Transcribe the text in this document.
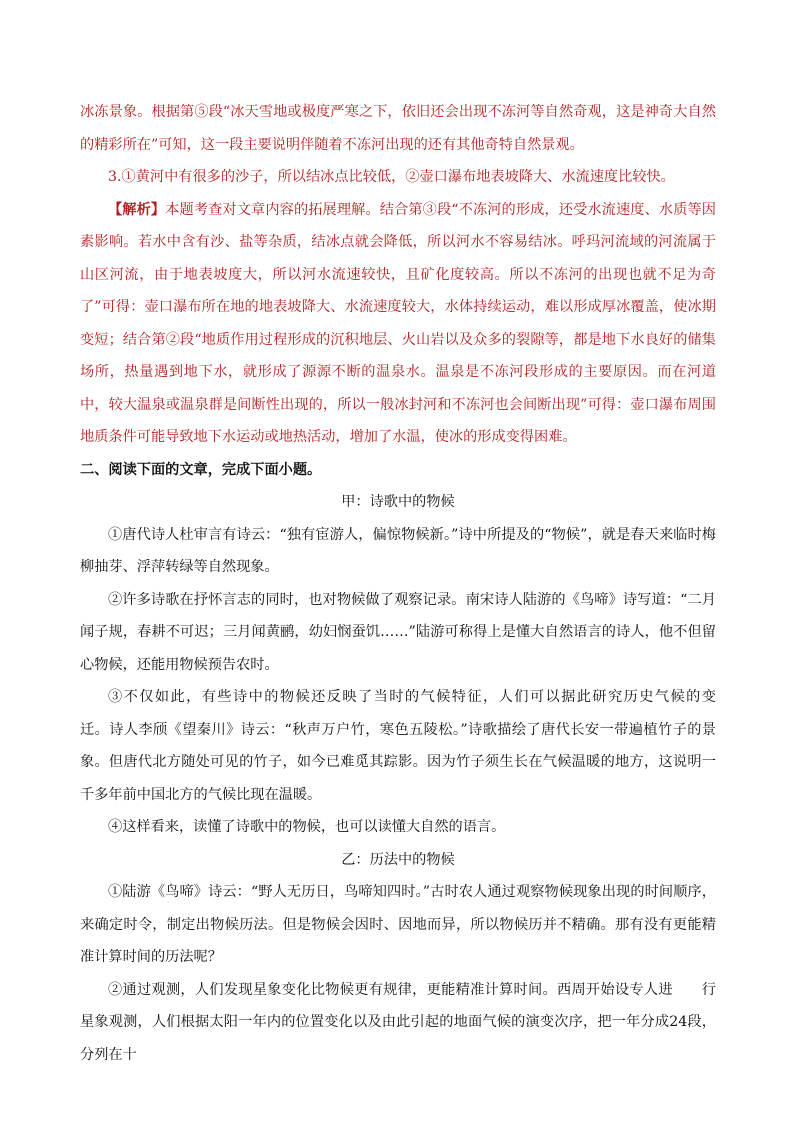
冰冻景象。根据第⑤段“冰天雪地或极度严寒之下，依旧还会出现不冻河等自然奇观，这是神奇大自然的精彩所在”可知，这一段主要说明伴随着不冻河出现的还有其他奇特自然景观。

3.①黄河中有很多的沙子，所以结冰点比较低，②壶口瀑布地表坡降大、水流速度比较快。

【解析】本题考查对文章内容的拓展理解。结合第③段“不冻河的形成，还受水流速度、水质等因素影响。若水中含有沙、盐等杂质，结冰点就会降低，所以河水不容易结冰。呼玛河流域的河流属于山区河流，由于地表坡度大，所以河水流速较快，且矿化度较高。所以不冻河的出现也就不足为奇了”可得：壶口瀑布所在地的地表坡降大、水流速度较大，水体持续运动，难以形成厚冰覆盖，使冰期变短；结合第②段“地质作用过程形成的沉积地层、火山岩以及众多的裂隙等，都是地下水良好的储集场所，热量遇到地下水，就形成了源源不断的温泉水。温泉是不冻河段形成的主要原因。而在河道中，较大温泉或温泉群是间断性出现的，所以一般冰封河和不冻河也会间断出现”可得：壶口瀑布周围地质条件可能导致地下水运动或地热活动，增加了水温，使冰的形成变得困难。

二、阅读下面的文章，完成下面小题。

甲：诗歌中的物候

①唐代诗人杜审言有诗云：“独有宦游人，偏惊物候新。”诗中所提及的“物候”，就是春天来临时梅柳抽芽、浮萍转绿等自然现象。

②许多诗歌在抒怀言志的同时，也对物候做了观察记录。南宋诗人陆游的《鸟啼》诗写道：“二月闻子规，春耕不可迟；三月闻黄鹂，幼妇悯蚕饥……”陆游可称得上是懂大自然语言的诗人，他不但留心物候，还能用物候预告农时。

③不仅如此，有些诗中的物候还反映了当时的气候特征，人们可以据此研究历史气候的变　　迁。诗人李颀《望秦川》诗云：“秋声万户竹，寒色五陵松。”诗歌描绘了唐代长安一带遍植竹子的景象。但唐代北方随处可见的竹子，如今已难觅其踪影。因为竹子须生长在气候温暖的地方，这说明一千多年前中国北方的气候比现在温暖。

④这样看来，读懂了诗歌中的物候，也可以读懂大自然的语言。

乙：历法中的物候

①陆游《鸟啼》诗云：“野人无历日，鸟啼知四时。”古时农人通过观察物候现象出现的时间顺序，来确定时令，制定出物候历法。但是物候会因时、因地而异，所以物候历并不精确。那有没有更能精准计算时间的历法呢？

②通过观测，人们发现星象变化比物候更有规律，更能精准计算时间。西周开始设专人进　　行星象观测，人们根据太阳一年内的位置变化以及由此引起的地面气候的演变次序，把一年分成24段，分列在十
